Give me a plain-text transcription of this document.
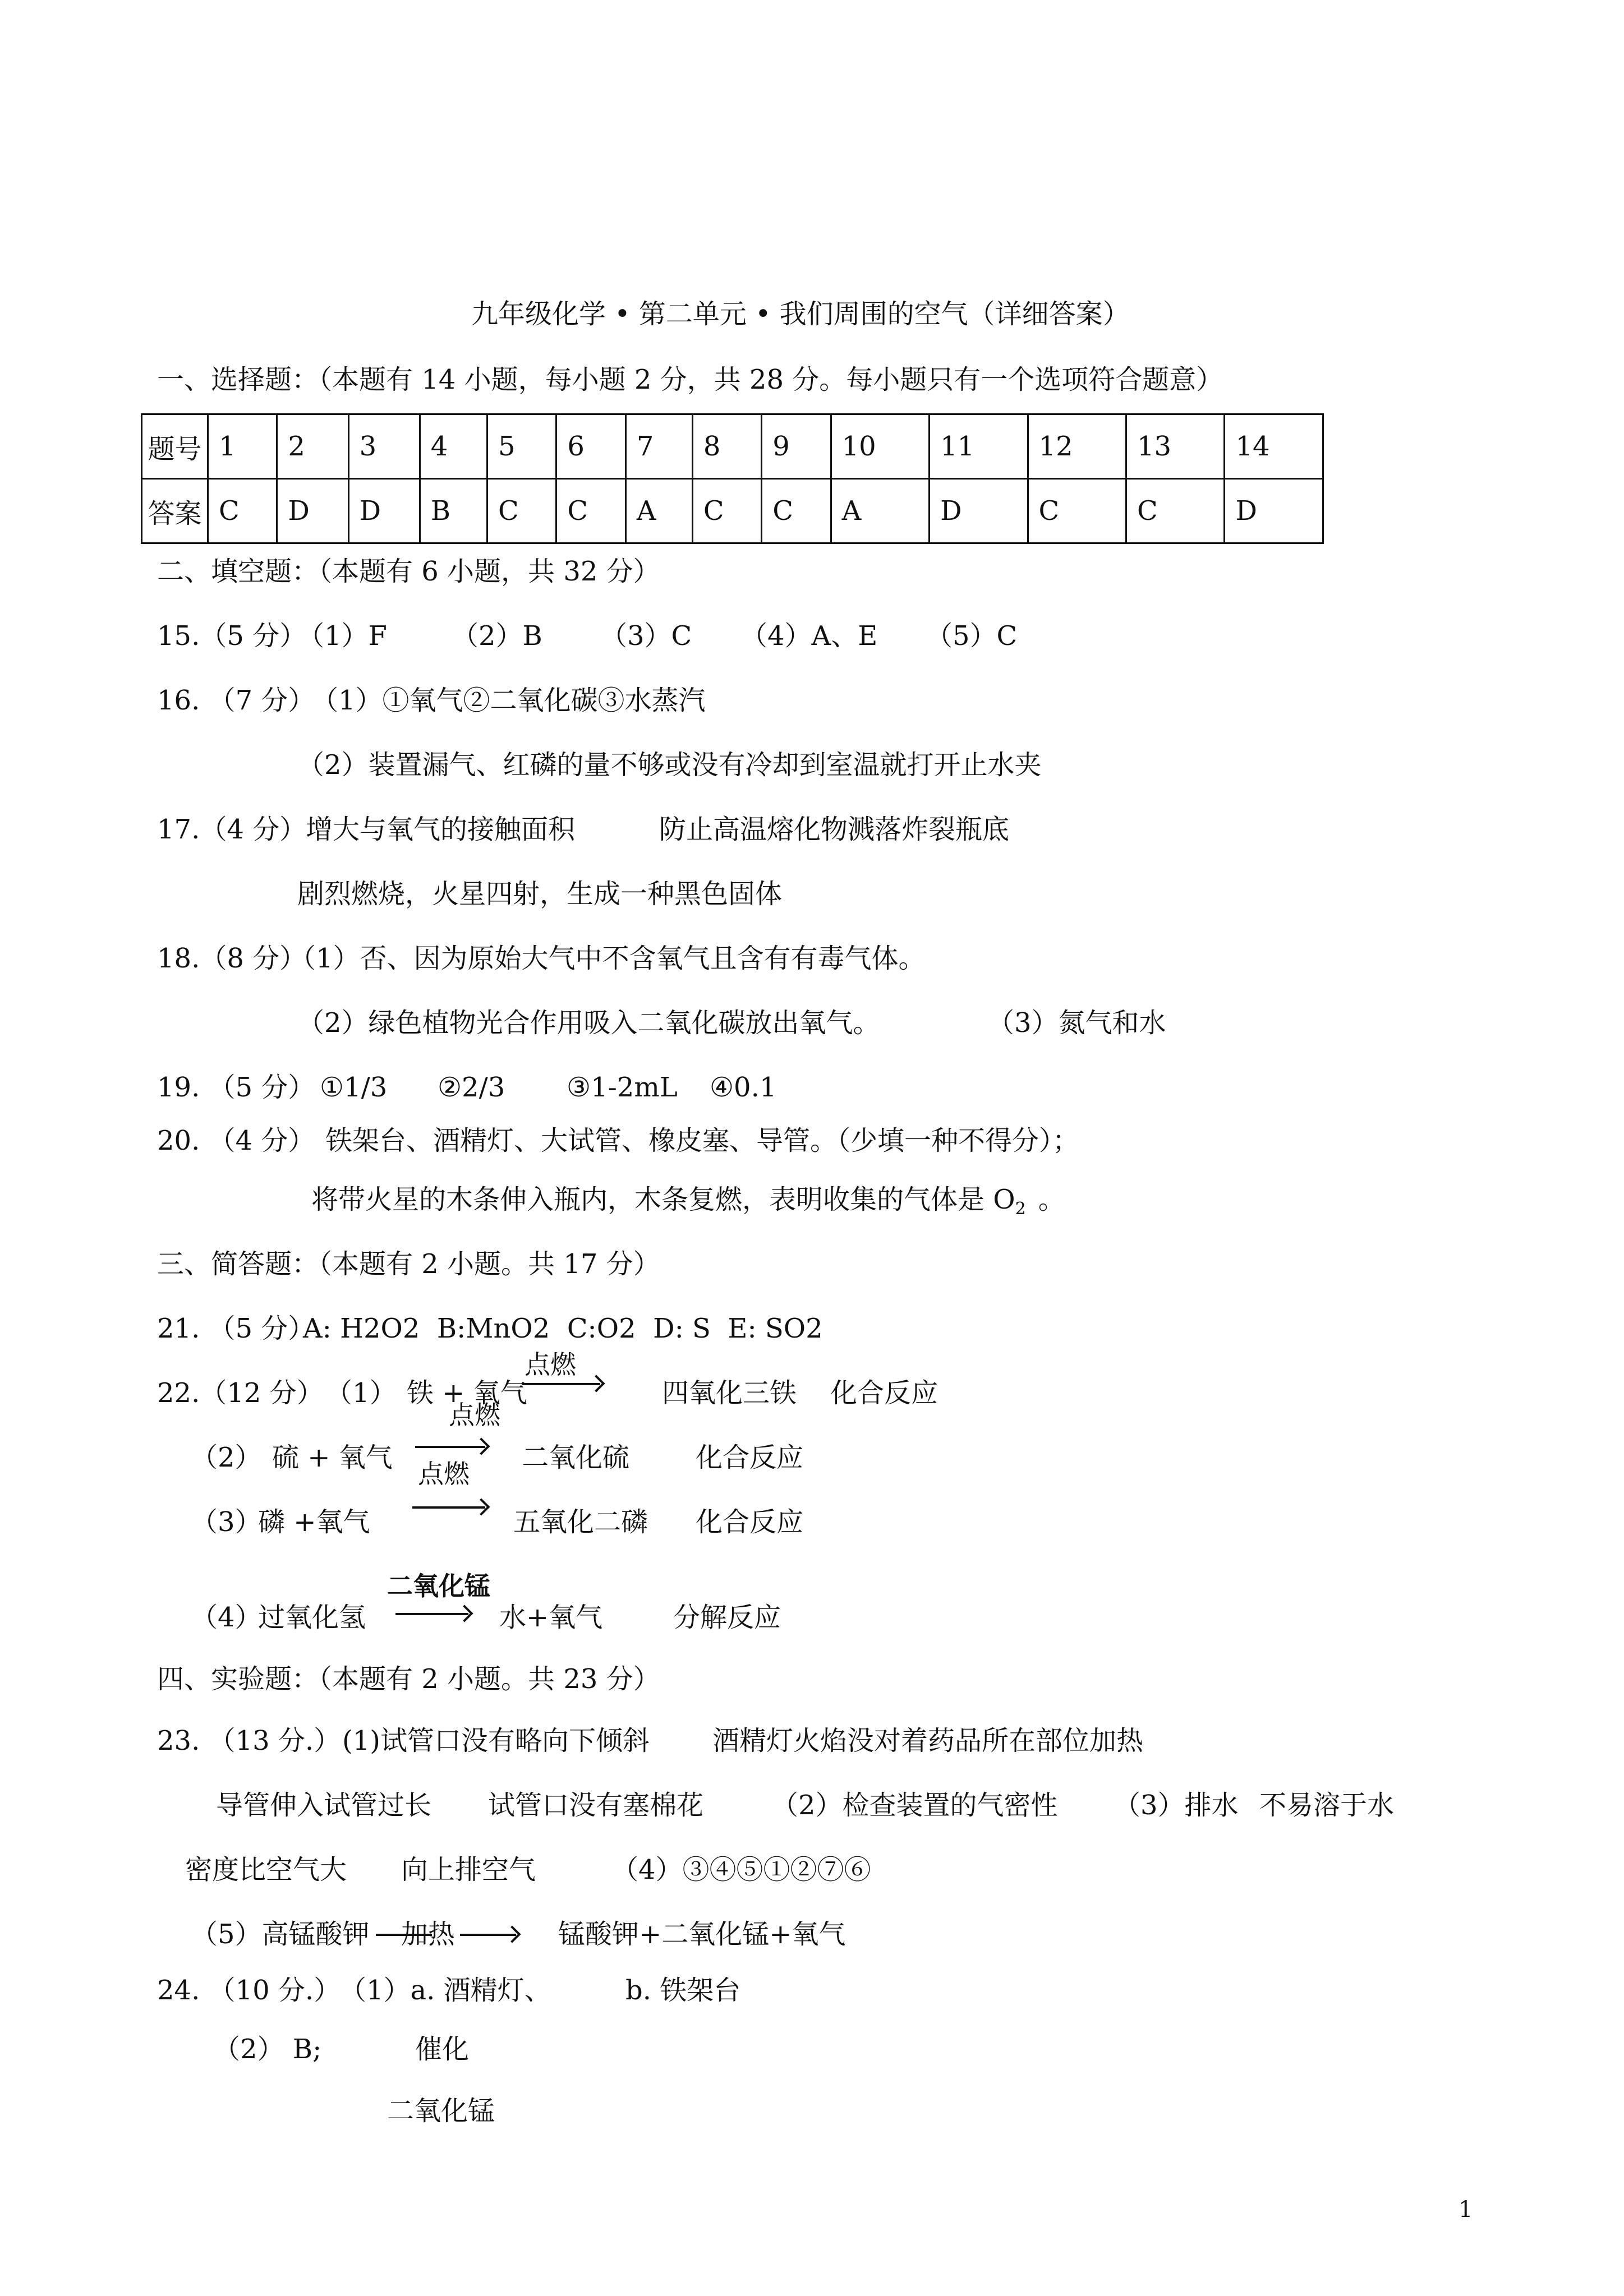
九年级化学 • 第二单元 • 我们周围的空气（详细答案）
一、选择题：（本题有 14 小题，每小题 2 分，共 28 分。每小题只有一个选项符合题意）
题号	1	2	3	4	5	6	7	8	9	10	11	12	13	14
答案	C	D	D	B	C	C	A	C	C	A	D	C	C	D
二、填空题：（本题有 6 小题，共 32 分）
15.（5 分）
（1）F （2）B （3）C （4）A、E （5）C
16. （7 分）
（1）①氧气②二氧化碳③水蒸汽
（2）装置漏气、红磷的量不够或没有冷却到室温就打开止水夹
17.（4 分）
增大与氧气的接触面积	防止高温熔化物溅落炸裂瓶底
剧烈燃烧，火星四射，生成一种黑色固体
18.（8 分）
（1）否、因为原始大气中不含氧气且含有有毒气体。
（2）绿色植物光合作用吸入二氧化碳放出氧气。	（3）氮气和水
19. （5 分） ①1/3 ②2/3 ③1-2mL ④0.1
20. （4 分） 铁架台、酒精灯、大试管、橡皮塞、导管。（少填一种不得分）；
将带火星的木条伸入瓶内，木条复燃，表明收集的气体是 $O_2$ 。
三、简答题：（本题有 2 小题。共 17 分）
21. （5 分）
A: H2O2  B:MnO2  C:O2  D: S  E: SO2
22.（12 分） （1） 铁 + 氧气
点燃
四氧化三铁 化合反应
（2） 硫 + 氧气
点燃
二氧化硫 化合反应
（3）
点燃
磷 +氧气	五氧化二磷 化合反应
（4）
过氧化氢
二氧化锰
水+氧气	分解反应
四、实验题：（本题有 2 小题。共 23 分）
23. （13 分.） (1)试管口没有略向下倾斜 酒精灯火焰没对着药品所在部位加热
导管伸入试管过长 试管口没有塞棉花	（2）检查装置的气密性 （3）排水 不易溶于水
密度比空气大 向上排空气	（4）③④⑤①②⑦⑥
（5）高锰酸钾 加热	锰酸钾+二氧化锰+氧气
24. （10 分.）
（1）a. 酒精灯、	b. 铁架台
（2） B;	催化
二氧化锰
1
